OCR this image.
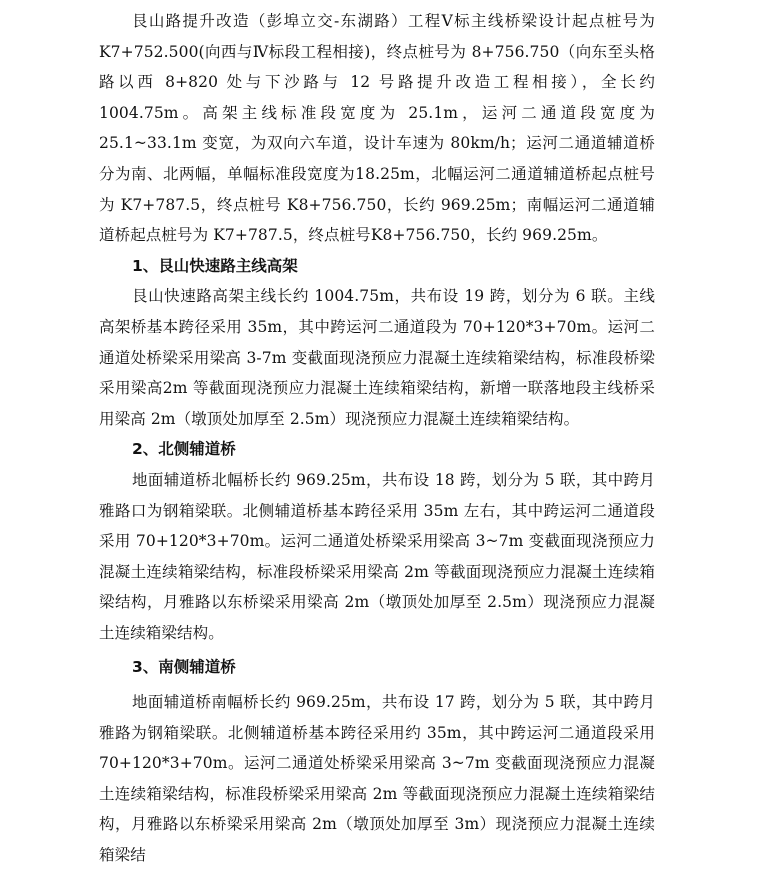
艮山路提升改造（彭埠立交-东湖路）工程Ⅴ标主线桥梁设计起点桩号为K7+752.500(向西与Ⅳ标段工程相接)，终点桩号为 8+756.750（向东至头格路以西 8+820 处与下沙路与 12 号路提升改造工程相接），全长约 1004.75m。高架主线标准段宽度为 25.1m，运河二通道段宽度为 25.1~33.1m 变宽，为双向六车道，设计车速为 80km/h；运河二通道辅道桥分为南、北两幅，单幅标准段宽度为18.25m，北幅运河二通道辅道桥起点桩号为 K7+787.5，终点桩号 K8+756.750，长约 969.25m；南幅运河二通道辅道桥起点桩号为 K7+787.5，终点桩号K8+756.750，长约 969.25m。

1、艮山快速路主线高架

艮山快速路高架主线长约 1004.75m，共布设 19 跨，划分为 6 联。主线高架桥基本跨径采用 35m，其中跨运河二通道段为 70+120*3+70m。运河二通道处桥梁采用梁高 3-7m 变截面现浇预应力混凝土连续箱梁结构，标准段桥梁采用梁高2m 等截面现浇预应力混凝土连续箱梁结构，新增一联落地段主线桥采用梁高 2m（墩顶处加厚至 2.5m）现浇预应力混凝土连续箱梁结构。

2、北侧辅道桥

地面辅道桥北幅桥长约 969.25m，共布设 18 跨，划分为 5 联，其中跨月雅路口为钢箱梁联。北侧辅道桥基本跨径采用 35m 左右，其中跨运河二通道段采用 70+120*3+70m。运河二通道处桥梁采用梁高 3~7m 变截面现浇预应力混凝土连续箱梁结构，标准段桥梁采用梁高 2m 等截面现浇预应力混凝土连续箱梁结构，月雅路以东桥梁采用梁高 2m（墩顶处加厚至 2.5m）现浇预应力混凝土连续箱梁结构。

3、南侧辅道桥

地面辅道桥南幅桥长约 969.25m，共布设 17 跨，划分为 5 联，其中跨月雅路为钢箱梁联。北侧辅道桥基本跨径采用约 35m，其中跨运河二通道段采用70+120*3+70m。运河二通道处桥梁采用梁高 3~7m 变截面现浇预应力混凝土连续箱梁结构，标准段桥梁采用梁高 2m 等截面现浇预应力混凝土连续箱梁结构，月雅路以东桥梁采用梁高 2m（墩顶处加厚至 3m）现浇预应力混凝土连续箱梁结
